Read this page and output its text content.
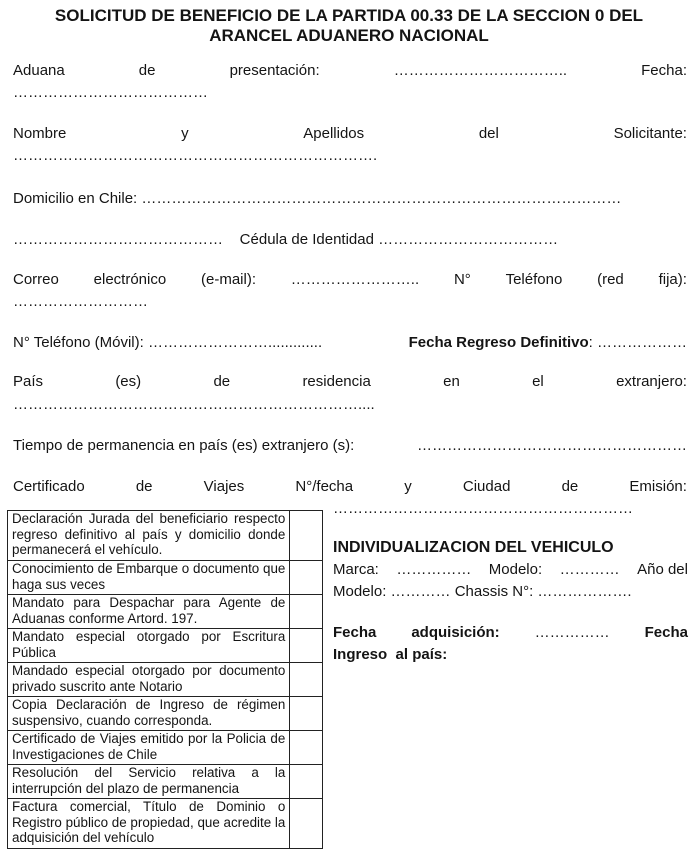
SOLICITUD DE BENEFICIO DE LA PARTIDA 00.33 DE LA SECCION 0 DEL
ARANCEL ADUANERO NACIONAL
Aduana	de	presentación:	……………………………..	Fecha:
…………………………………
Nombre	y	Apellidos	del	Solicitante:
……………………………………………………………….
Domicilio en Chile: ……………………………………………………………………………………
…………………………………… Cédula de Identidad ………………………………
Correo electrónico (e-mail): …………………….. N° Teléfono (red fija):
………………………
N° Teléfono (Móvil): …………………….............	Fecha Regreso Definitivo: ………………
País	(es)	de	residencia	en	el	extranjero:
……………………………………………………………....
Tiempo de permanencia en país (es) extranjero (s):	………………………………………………
Certificado	de	Viajes	N°/fecha	y	Ciudad	de	Emisión:
……………………………………………………
Declaración Jurada del beneficiario respecto regreso definitivo al país y domicilio donde permanecerá el vehículo.	
Conocimiento de Embarque o documento que haga sus veces	
Mandato para Despachar para Agente de Aduanas conforme Artord. 197.	
Mandato especial otorgado por Escritura Pública	
Mandado especial otorgado por documento privado suscrito ante Notario	
Copia Declaración de Ingreso de régimen suspensivo, cuando corresponda.	
Certificado de Viajes emitido por la Policia de Investigaciones de Chile	
Resolución del Servicio relativa a la interrupción del plazo de permanencia	
Factura comercial, Título de Dominio o Registro público de propiedad, que acredite la adquisición del vehículo	
INDIVIDUALIZACION DEL VEHICULO
Marca: …………… Modelo: ………… Año del
Modelo: ………… Chassis N°: ……………….
Fecha adquisición: …………… Fecha
Ingreso  al país:
